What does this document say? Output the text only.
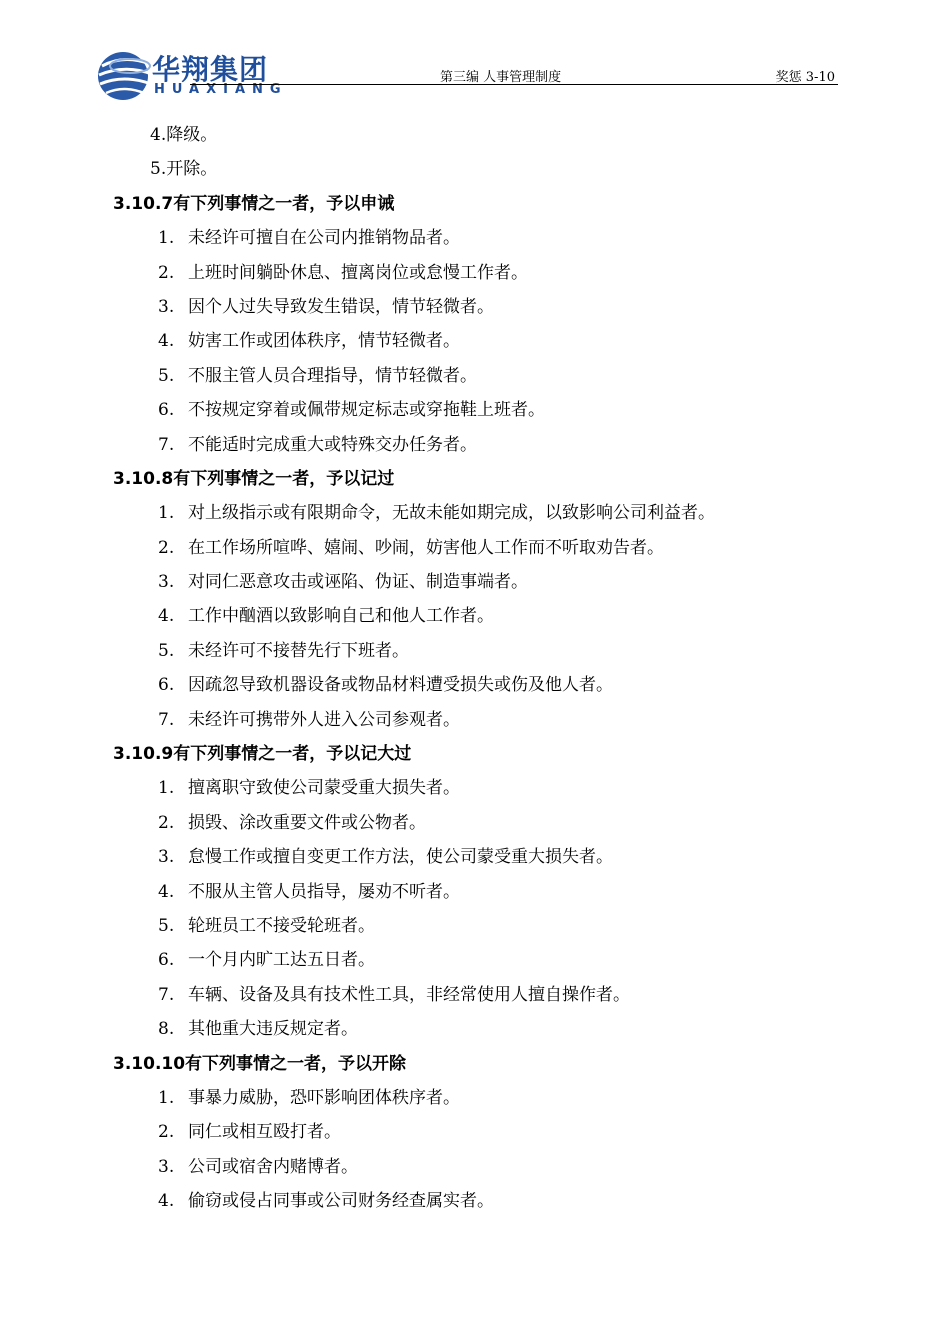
华翔集团
HUAXIANG
第三编 人事管理制度	奖惩 3-10
4.降级。
5.开除。
3.10.7有下列事情之一者，予以申诫
1. 未经许可擅自在公司内推销物品者。
2. 上班时间躺卧休息、擅离岗位或怠慢工作者。
3. 因个人过失导致发生错误，情节轻微者。
4. 妨害工作或团体秩序，情节轻微者。
5. 不服主管人员合理指导，情节轻微者。
6. 不按规定穿着或佩带规定标志或穿拖鞋上班者。
7. 不能适时完成重大或特殊交办任务者。
3.10.8有下列事情之一者，予以记过
1. 对上级指示或有限期命令，无故未能如期完成，以致影响公司利益者。
2. 在工作场所喧哗、嬉闹、吵闹，妨害他人工作而不听取劝告者。
3. 对同仁恶意攻击或诬陷、伪证、制造事端者。
4. 工作中酗酒以致影响自己和他人工作者。
5. 未经许可不接替先行下班者。
6. 因疏忽导致机器设备或物品材料遭受损失或伤及他人者。
7. 未经许可携带外人进入公司参观者。
3.10.9有下列事情之一者，予以记大过
1. 擅离职守致使公司蒙受重大损失者。
2. 损毁、涂改重要文件或公物者。
3. 怠慢工作或擅自变更工作方法，使公司蒙受重大损失者。
4. 不服从主管人员指导，屡劝不听者。
5. 轮班员工不接受轮班者。
6. 一个月内旷工达五日者。
7. 车辆、设备及具有技术性工具，非经常使用人擅自操作者。
8. 其他重大违反规定者。
3.10.10有下列事情之一者，予以开除
1. 事暴力威胁，恐吓影响团体秩序者。
2. 同仁或相互殴打者。
3. 公司或宿舍内赌博者。
4. 偷窃或侵占同事或公司财务经查属实者。
